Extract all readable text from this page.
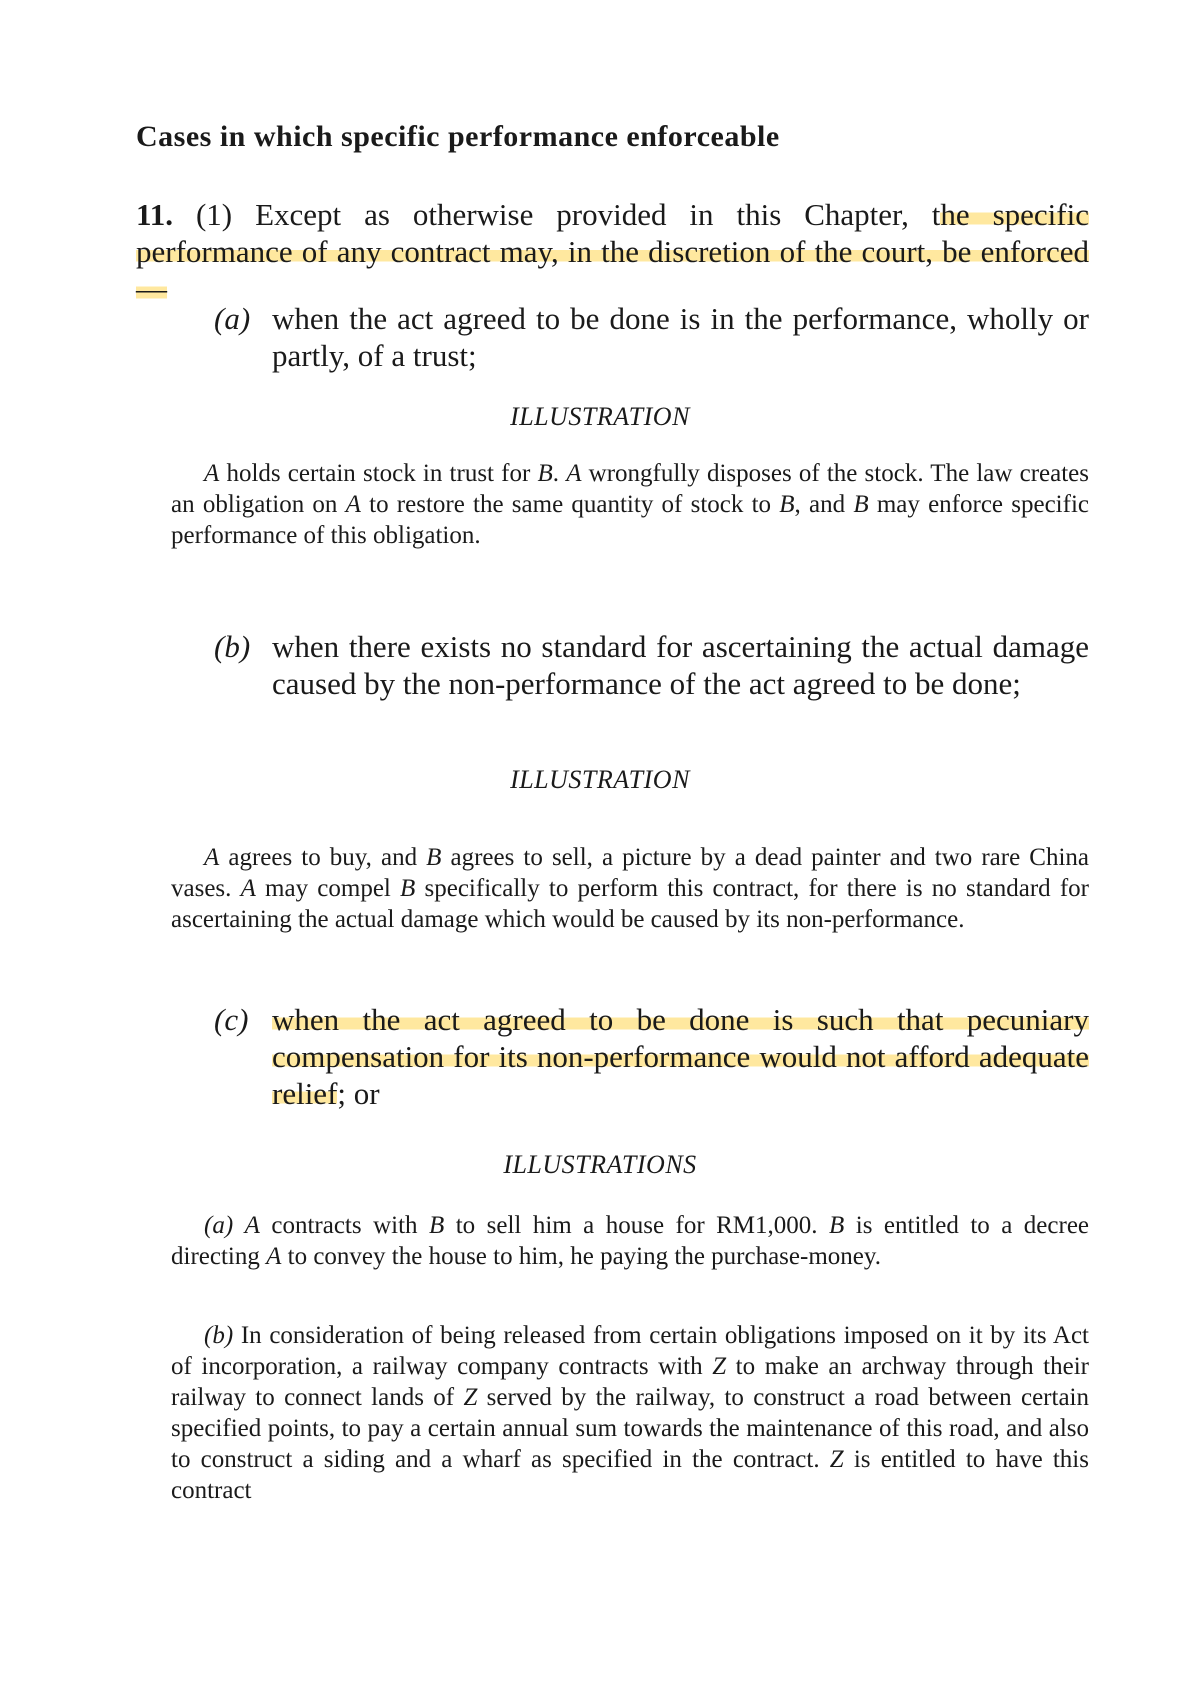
Cases in which specific performance enforceable
11. (1) Except as otherwise provided in this Chapter, the specific performance of any contract may, in the discretion of the court, be enforced—
(a) when the act agreed to be done is in the performance, wholly or partly, of a trust;
ILLUSTRATION
A holds certain stock in trust for B. A wrongfully disposes of the stock. The law creates an obligation on A to restore the same quantity of stock to B, and B may enforce specific performance of this obligation.
(b) when there exists no standard for ascertaining the actual damage caused by the non-performance of the act agreed to be done;
ILLUSTRATION
A agrees to buy, and B agrees to sell, a picture by a dead painter and two rare China vases. A may compel B specifically to perform this contract, for there is no standard for ascertaining the actual damage which would be caused by its non-performance.
(c) when the act agreed to be done is such that pecuniary compensation for its non-performance would not afford adequate relief; or
ILLUSTRATIONS
(a) A contracts with B to sell him a house for RM1,000. B is entitled to a decree directing A to convey the house to him, he paying the purchase-money.
(b) In consideration of being released from certain obligations imposed on it by its Act of incorporation, a railway company contracts with Z to make an archway through their railway to connect lands of Z served by the railway, to construct a road between certain specified points, to pay a certain annual sum towards the maintenance of this road, and also to construct a siding and a wharf as specified in the contract. Z is entitled to have this contract
